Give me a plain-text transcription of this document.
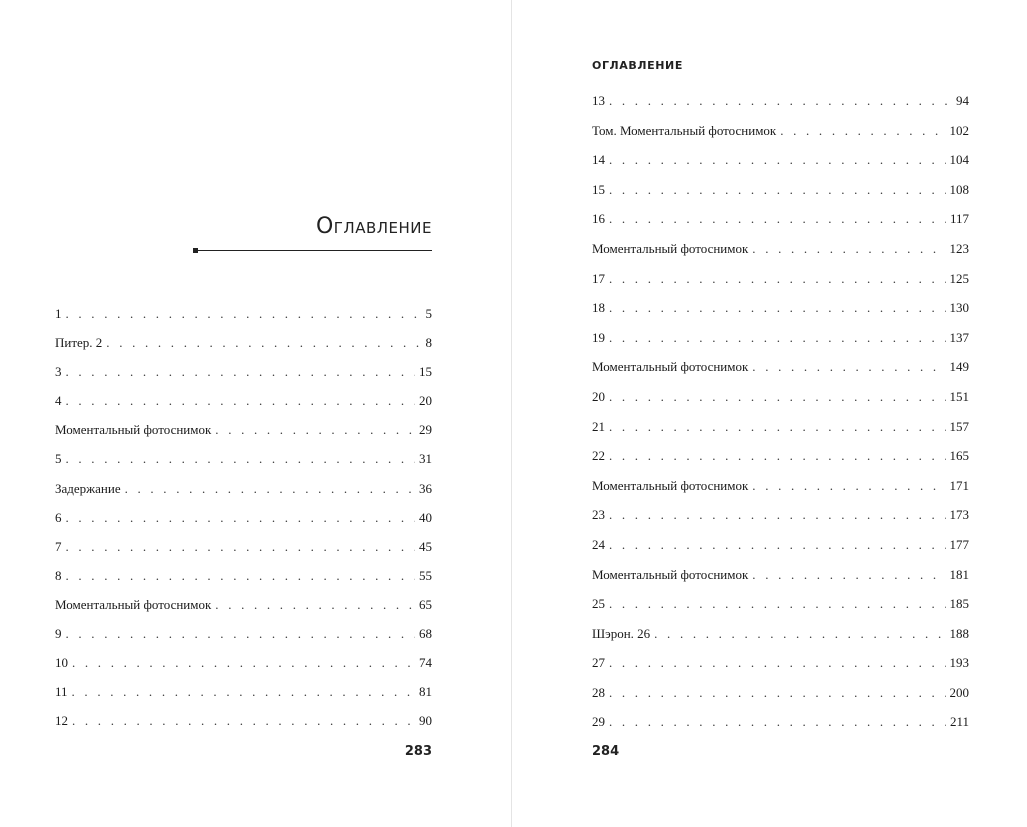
Оглавление
1 . . .	5
Питер. 2 . . .	8
3 . . .	15
4 . . .	20
Моментальный фотоснимок . . .	29
5 . . .	31
Задержание . . .	36
6 . . .	40
7 . . .	45
8 . . .	55
Моментальный фотоснимок . . .	65
9 . . .	68
10 . . .	74
11 . . .	81
12 . . .	90
283
ОГЛАВЛЕНИЕ
13 . . .	94
Том. Моментальный фотоснимок . . .	102
14 . . .	104
15 . . .	108
16 . . .	117
Моментальный фотоснимок . . .	123
17 . . .	125
18 . . .	130
19 . . .	137
Моментальный фотоснимок . . .	149
20 . . .	151
21 . . .	157
22 . . .	165
Моментальный фотоснимок . . .	171
23 . . .	173
24 . . .	177
Моментальный фотоснимок . . .	181
25 . . .	185
Шэрон. 26 . . .	188
27 . . .	193
28 . . .	200
29 . . .	211
284
